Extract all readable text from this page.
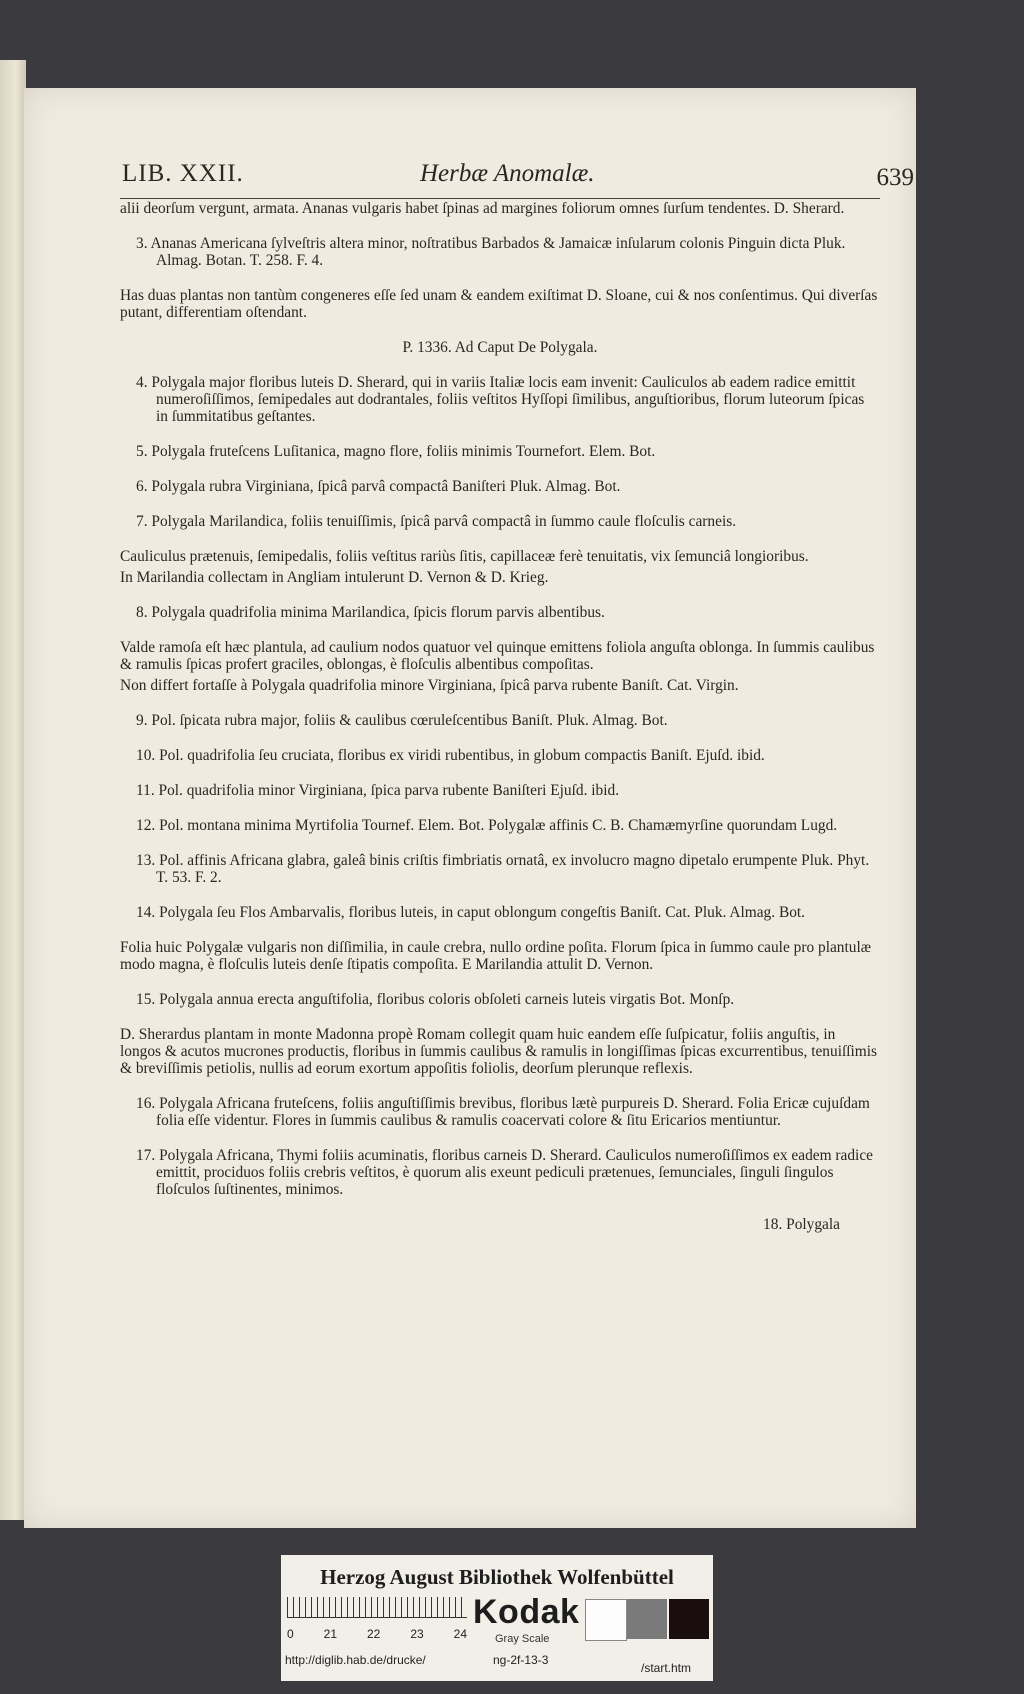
LIB. XXII.	Herbæ Anomalæ.	639

alii deorſum vergunt, armata. Ananas vulgaris habet ſpinas ad margines foliorum omnes ſurſum tendentes. D. Sherard.

3. Ananas Americana ſylveſtris altera minor, noſtratibus Barbados & Jamaicæ inſularum colonis Pinguin dicta Pluk. Almag. Botan. T. 258. F. 4.

Has duas plantas non tantùm congeneres eſſe ſed unam & eandem exiſtimat D. Sloane, cui & nos conſentimus. Qui diverſas putant, differentiam oſtendant.

P. 1336. Ad Caput De Polygala.

4. Polygala major floribus luteis D. Sherard, qui in variis Italiæ locis eam invenit: Cauliculos ab eadem radice emittit numeroſiſſimos, ſemipedales aut dodrantales, foliis veſtitos Hyſſopi ſimilibus, anguſtioribus, florum luteorum ſpicas in ſummitatibus geſtantes.

5. Polygala fruteſcens Luſitanica, magno flore, foliis minimis Tournefort. Elem. Bot.

6. Polygala rubra Virginiana, ſpicâ parvâ compactâ Baniſteri Pluk. Almag. Bot.

7. Polygala Marilandica, foliis tenuiſſimis, ſpicâ parvâ compactâ in ſummo caule floſculis carneis.

Cauliculus prætenuis, ſemipedalis, foliis veſtitus rariùs ſitis, capillaceæ ferè tenuitatis, vix ſemunciâ longioribus.

In Marilandia collectam in Angliam intulerunt D. Vernon & D. Krieg.

8. Polygala quadrifolia minima Marilandica, ſpicis florum parvis albentibus.

Valde ramoſa eſt hæc plantula, ad caulium nodos quatuor vel quinque emittens foliola anguſta oblonga. In ſummis caulibus & ramulis ſpicas profert graciles, oblongas, è floſculis albentibus compoſitas.

Non differt fortaſſe à Polygala quadrifolia minore Virginiana, ſpicâ parva rubente Baniſt. Cat. Virgin.

9. Pol. ſpicata rubra major, foliis & caulibus cœruleſcentibus Baniſt. Pluk. Almag. Bot.

10. Pol. quadrifolia ſeu cruciata, floribus ex viridi rubentibus, in globum compactis Baniſt. Ejuſd. ibid.

11. Pol. quadrifolia minor Virginiana, ſpica parva rubente Baniſteri Ejuſd. ibid.

12. Pol. montana minima Myrtifolia Tournef. Elem. Bot. Polygalæ affinis C. B. Chamæmyrſine quorundam Lugd.

13. Pol. affinis Africana glabra, galeâ binis criſtis fimbriatis ornatâ, ex involucro magno dipetalo erumpente Pluk. Phyt. T. 53. F. 2.

14. Polygala ſeu Flos Ambarvalis, floribus luteis, in caput oblongum congeſtis Baniſt. Cat. Pluk. Almag. Bot.

Folia huic Polygalæ vulgaris non diſſimilia, in caule crebra, nullo ordine poſita. Florum ſpica in ſummo caule pro plantulæ modo magna, è floſculis luteis denſe ſtipatis compoſita. E Marilandia attulit D. Vernon.

15. Polygala annua erecta anguſtifolia, floribus coloris obſoleti carneis luteis virgatis Bot. Monſp.

D. Sherardus plantam in monte Madonna propè Romam collegit quam huic eandem eſſe ſuſpicatur, foliis anguſtis, in longos & acutos mucrones productis, floribus in ſummis caulibus & ramulis in longiſſimas ſpicas excurrentibus, tenuiſſimis & breviſſimis petiolis, nullis ad eorum exortum appoſitis foliolis, deorſum plerunque reflexis.

16. Polygala Africana fruteſcens, foliis anguſtiſſimis brevibus, floribus lætè purpureis D. Sherard. Folia Ericæ cujuſdam folia eſſe videntur. Flores in ſummis caulibus & ramulis coacervati colore & ſitu Ericarios mentiuntur.

17. Polygala Africana, Thymi foliis acuminatis, floribus carneis D. Sherard. Cauliculos numeroſiſſimos ex eadem radice emittit, prociduos foliis crebris veſtitos, è quorum alis exeunt pediculi prætenues, ſemunciales, ſinguli ſingulos floſculos ſuſtinentes, minimos.

18. Polygala

Herzog August Bibliothek Wolfenbüttel
0 21 22 23 24
Kodak
Gray Scale
http://diglib.hab.de/drucke/	ng-2f-13-3
/start.htm
